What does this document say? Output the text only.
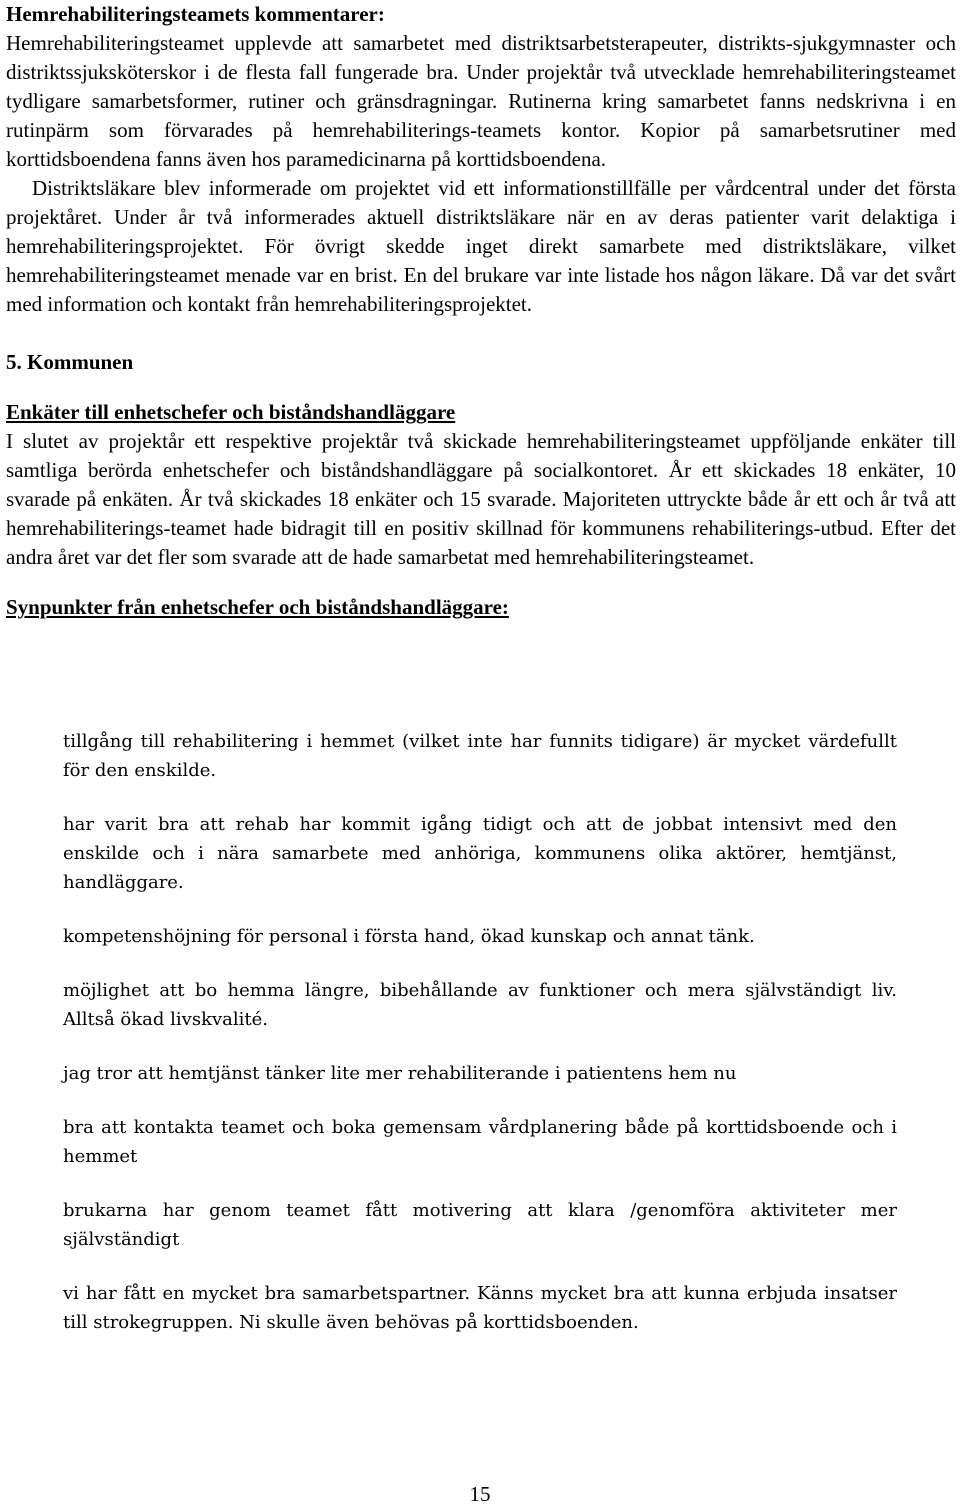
Hemrehabiliteringsteamets kommentarer:

Hemrehabiliteringsteamet upplevde att samarbetet med distriktsarbetsterapeuter, distrikts-sjukgymnaster och distriktssjuksköterskor i de flesta fall fungerade bra. Under projektår två utvecklade hemrehabiliteringsteamet tydligare samarbetsformer, rutiner och gränsdragningar. Rutinerna kring samarbetet fanns nedskrivna i en rutinpärm som förvarades på hemrehabiliterings-teamets kontor. Kopior på samarbetsrutiner med korttidsboendena fanns även hos paramedicinarna på korttidsboendena.

Distriktsläkare blev informerade om projektet vid ett informationstillfälle per vårdcentral under det första projektåret. Under år två informerades aktuell distriktsläkare när en av deras patienter varit delaktiga i hemrehabiliteringsprojektet. För övrigt skedde inget direkt samarbete med distriktsläkare, vilket hemrehabiliteringsteamet menade var en brist. En del brukare var inte listade hos någon läkare. Då var det svårt med information och kontakt från hemrehabiliteringsprojektet.

5. Kommunen

Enkäter till enhetschefer och biståndshandläggare

I slutet av projektår ett respektive projektår två skickade hemrehabiliteringsteamet uppföljande enkäter till samtliga berörda enhetschefer och biståndshandläggare på socialkontoret. År ett skickades 18 enkäter, 10 svarade på enkäten. År två skickades 18 enkäter och 15 svarade. Majoriteten uttryckte både år ett och år två att hemrehabiliterings-teamet hade bidragit till en positiv skillnad för kommunens rehabiliterings-utbud. Efter det andra året var det fler som svarade att de hade samarbetat med hemrehabiliteringsteamet.

Synpunkter från enhetschefer och biståndshandläggare:

tillgång till rehabilitering i hemmet (vilket inte har funnits tidigare) är mycket värdefullt för den enskilde.

har varit bra att rehab har kommit igång tidigt och att de jobbat intensivt med den enskilde och i nära samarbete med anhöriga, kommunens olika aktörer, hemtjänst, handläggare.

kompetenshöjning för personal i första hand, ökad kunskap och annat tänk.

möjlighet att bo hemma längre, bibehållande av funktioner och mera självständigt liv. Alltså ökad livskvalité.

jag tror att hemtjänst tänker lite mer rehabiliterande i patientens hem nu

bra att kontakta teamet och boka gemensam vårdplanering både på korttidsboende och i hemmet

brukarna har genom teamet fått motivering att klara /genomföra aktiviteter mer självständigt

vi har fått en mycket bra samarbetspartner. Känns mycket bra att kunna erbjuda insatser till strokegruppen. Ni skulle även behövas på korttidsboenden.

15
